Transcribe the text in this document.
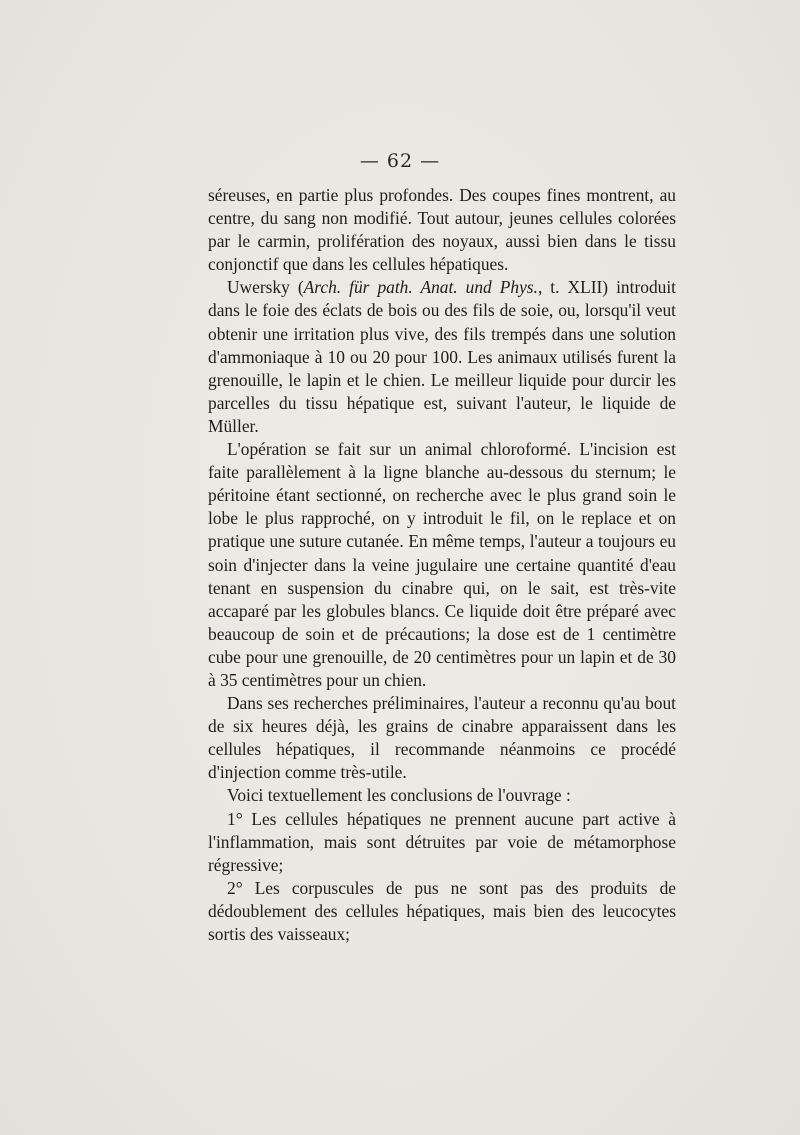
— 62 —

séreuses, en partie plus profondes. Des coupes fines montrent, au centre, du sang non modifié. Tout autour, jeunes cellules colorées par le carmin, prolifération des noyaux, aussi bien dans le tissu conjonctif que dans les cellules hépatiques.

Uwersky (Arch. für path. Anat. und Phys., t. XLII) introduit dans le foie des éclats de bois ou des fils de soie, ou, lorsqu'il veut obtenir une irritation plus vive, des fils trempés dans une solution d'ammoniaque à 10 ou 20 pour 100. Les animaux utilisés furent la grenouille, le lapin et le chien. Le meilleur liquide pour durcir les parcelles du tissu hépatique est, suivant l'auteur, le liquide de Müller.

L'opération se fait sur un animal chloroformé. L'incision est faite parallèlement à la ligne blanche au-dessous du sternum; le péritoine étant sectionné, on recherche avec le plus grand soin le lobe le plus rapproché, on y introduit le fil, on le replace et on pratique une suture cutanée. En même temps, l'auteur a toujours eu soin d'injecter dans la veine jugulaire une certaine quantité d'eau tenant en suspension du cinabre qui, on le sait, est très-vite accaparé par les globules blancs. Ce liquide doit être préparé avec beaucoup de soin et de précautions; la dose est de 1 centimètre cube pour une grenouille, de 20 centimètres pour un lapin et de 30 à 35 centimètres pour un chien.

Dans ses recherches préliminaires, l'auteur a reconnu qu'au bout de six heures déjà, les grains de cinabre apparaissent dans les cellules hépatiques, il recommande néanmoins ce procédé d'injection comme très-utile.

Voici textuellement les conclusions de l'ouvrage :

1° Les cellules hépatiques ne prennent aucune part active à l'inflammation, mais sont détruites par voie de métamorphose régressive;

2° Les corpuscules de pus ne sont pas des produits de dédoublement des cellules hépatiques, mais bien des leucocytes sortis des vaisseaux;
